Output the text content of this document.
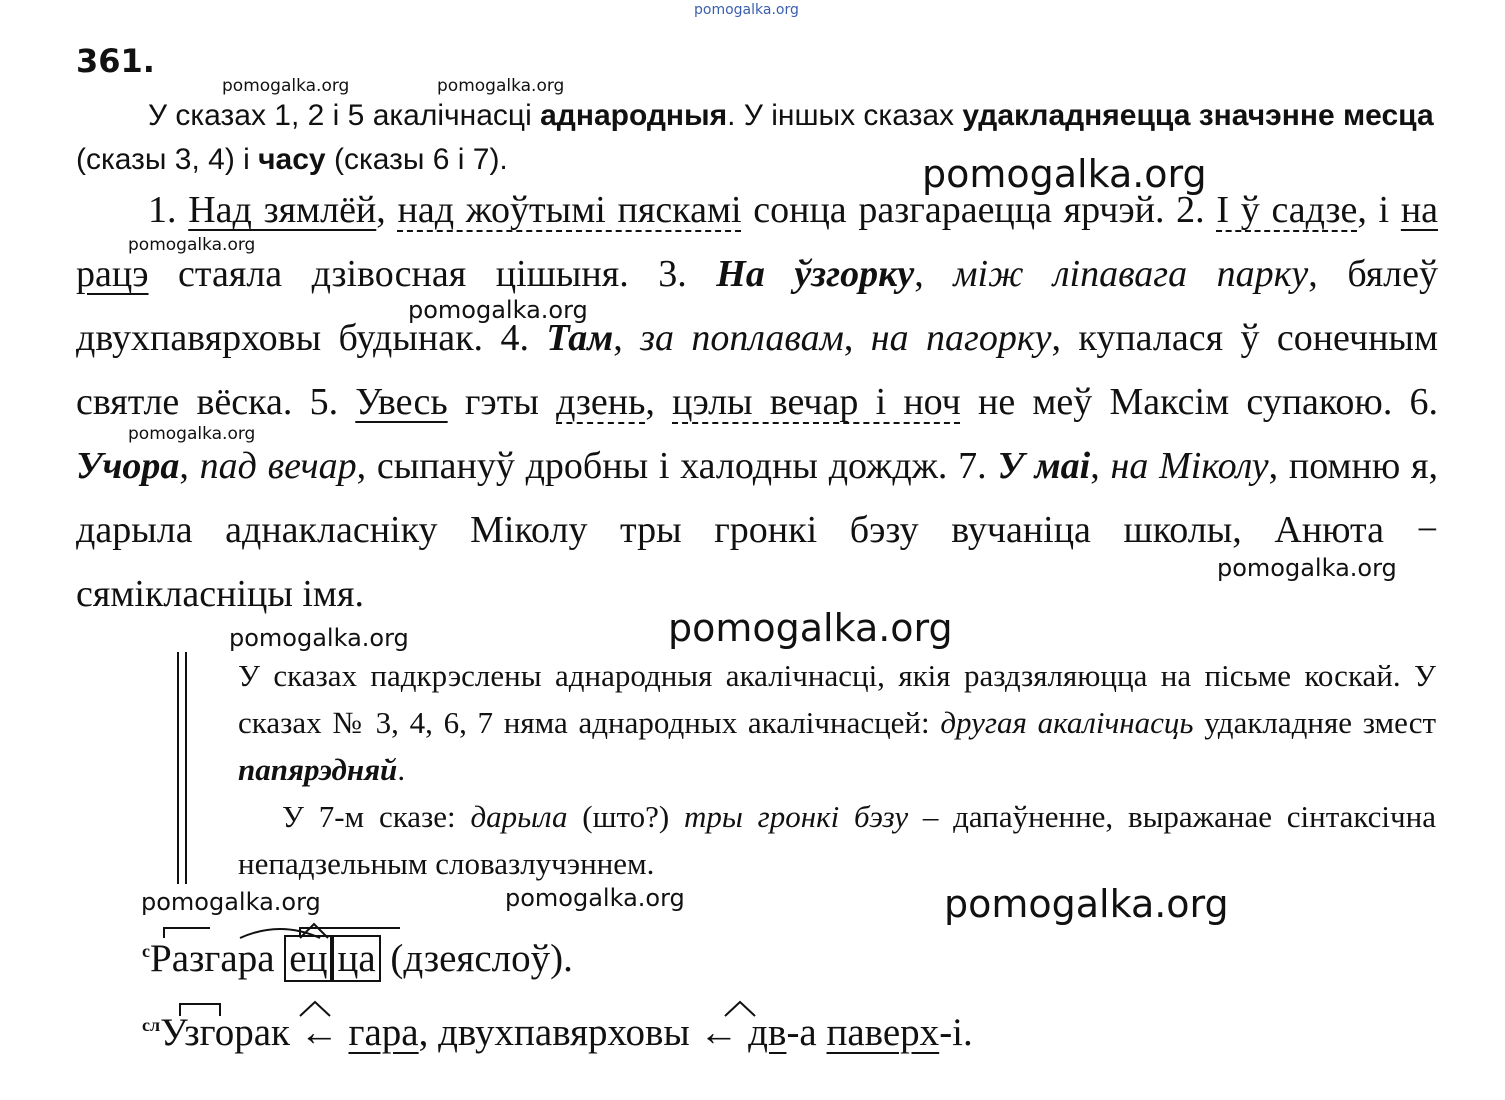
pomogalka.org
pomogalka.org	pomogalka.org
pomogalka.org
pomogalka.org
pomogalka.org
pomogalka.org
pomogalka.org
pomogalka.org	pomogalka.org
pomogalka.org	pomogalka.org	pomogalka.org
361.
У сказах 1, 2 і 5 акалічнасці аднародныя. У іншых сказах удакладняецца значэнне месца (сказы 3, 4) і часу (сказы 6 і 7).
1. Над зямлёй, над жоўтымі пяскамі сонца разгараецца ярчэй. 2. І ў садзе, і на рацэ стаяла дзівосная цішыня. 3. На ўзгорку, між ліпавага парку, бялеў двухпавярховы будынак. 4. Там, за поплавам, на пагорку, купалася ў сонечным святле вёска. 5. Увесь гэты дзень, цэлы вечар і ноч не меў Максім супакою. 6. Учора, пад вечар, сыпануў дробны і халодны дождж. 7. У маі, на Міколу, помню я, дарыла аднакласніку Міколу тры гронкі бэзу вучаніца школы, Анюта − сямікласніцы імя.

У сказах падкрэслены аднародныя акалічнасці, якія раздзяляюцца на пісьме коскай. У сказах № 3, 4, 6, 7 няма аднародных акалічнасцей: другая акалічнасць удакладняе змест папярэдняй.

У 7-м сказе: дарыла (што?) тры гронкі бэзу – дапаўненне, выражанае сінтаксічна непадзельным словазлучэннем.

$^с$Разгара ец ца (дзеяслоў).
$^{сл}$Узгорак ← гара, двухпавярховы ← дв-а паверх-і.
